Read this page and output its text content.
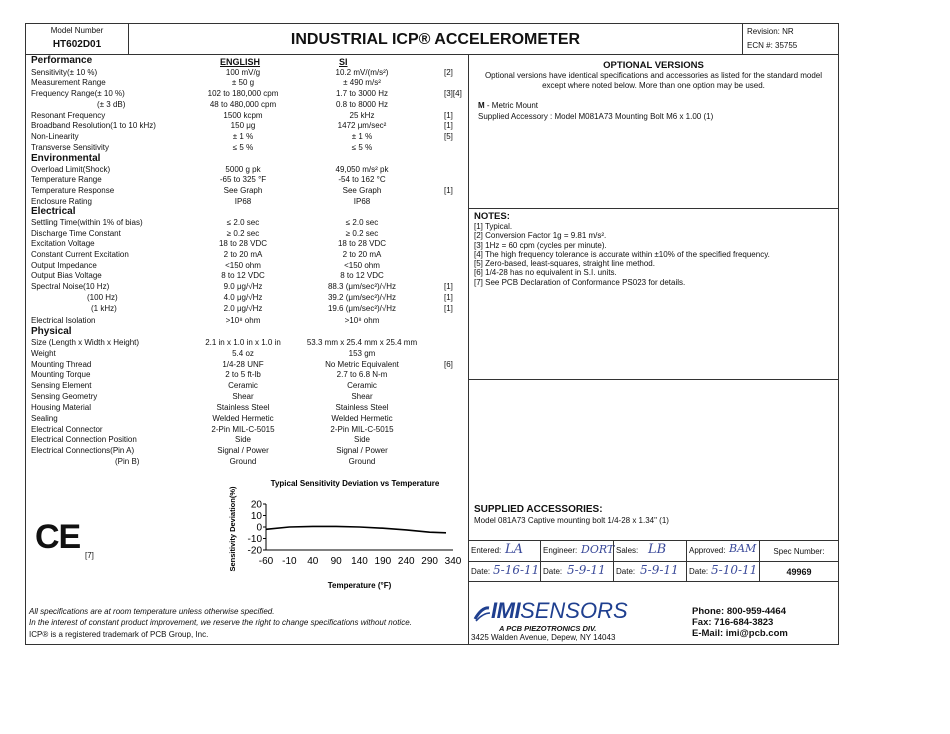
Model Number
HT602D01	INDUSTRIAL ICP® ACCELEROMETER	Revision: NR
ECN #: 35755
ENGLISH	SI
Performance
Environmental
Electrical
Physical
Sensitivity(± 10 %)	100 mV/g	10.2 mV/(m/s²)	[2]
Measurement Range	± 50 g	± 490 m/s²
Frequency Range(± 10 %)	102 to 180,000 cpm	1.7 to 3000 Hz	[3][4]
(± 3 dB)	48 to 480,000 cpm	0.8 to 8000 Hz
Resonant Frequency	1500 kcpm	25 kHz	[1]
Broadband Resolution(1 to 10 kHz)	150 μg	1472 μm/sec²	[1]
Non-Linearity	± 1 %	± 1 %	[5]
Transverse Sensitivity	≤ 5 %	≤ 5 %
Overload Limit(Shock)	5000 g pk	49,050 m/s² pk
Temperature Range	-65 to 325 °F	-54 to 162 °C
Temperature Response	See Graph	See Graph	[1]
Enclosure Rating	IP68	IP68
Settling Time(within 1% of bias)	≤ 2.0 sec	≤ 2.0 sec
Discharge Time Constant	≥ 0.2 sec	≥ 0.2 sec
Excitation Voltage	18 to 28 VDC	18 to 28 VDC
Constant Current Excitation	2 to 20 mA	2 to 20 mA
Output Impedance	<150 ohm	<150 ohm
Output Bias Voltage	8 to 12 VDC	8 to 12 VDC
Spectral Noise(10 Hz)	9.0 μg/√Hz	88.3 (μm/sec²)/√Hz	[1]
(100 Hz)	4.0 μg/√Hz	39.2 (μm/sec²)/√Hz	[1]
(1 kHz)	2.0 μg/√Hz	19.6 (μm/sec²)/√Hz	[1]
Electrical Isolation	>10⁸ ohm	>10⁸ ohm
Size (Length x Width x Height)	2.1 in x 1.0 in x 1.0 in	53.3 mm x 25.4 mm x 25.4 mm
Weight	5.4 oz	153 gm
Mounting Thread	1/4-28 UNF	No Metric Equivalent	[6]
Mounting Torque	2 to 5 ft-lb	2.7 to 6.8 N-m
Sensing Element	Ceramic	Ceramic
Sensing Geometry	Shear	Shear
Housing Material	Stainless Steel	Stainless Steel
Sealing	Welded Hermetic	Welded Hermetic
Electrical Connector	2-Pin MIL-C-5015	2-Pin MIL-C-5015
Electrical Connection Position	Side	Side
Electrical Connections(Pin A)	Signal / Power	Signal / Power
(Pin B)	Ground	Ground
Typical Sensitivity Deviation vs Temperature
20
10
0
-10
-20
-60 -10 40 90 140 190 240 290 340
Temperature (°F)
Sensitivity Deviation(%)
CE [7]
All specifications are at room temperature unless otherwise specified.
In the interest of constant product improvement, we reserve the right to change specifications without notice.
ICP® is a registered trademark of PCB Group, Inc.
OPTIONAL VERSIONS
Optional versions have identical specifications and accessories as listed for the standard model
except where noted below. More than one option may be used.
M - Metric Mount
Supplied Accessory : Model M081A73 Mounting Bolt M6 x 1.00 (1)
NOTES:
[1] Typical.
[2] Conversion Factor 1g = 9.81 m/s².
[3] 1Hz = 60 cpm (cycles per minute).
[4] The high frequency tolerance is accurate within ±10% of the specified frequency.
[5] Zero-based, least-squares, straight line method.
[6] 1/4-28 has no equivalent in S.I. units.
[7] See PCB Declaration of Conformance PS023 for details.
SUPPLIED ACCESSORIES:
Model 081A73 Captive mounting bolt 1/4-28 x 1.34" (1)
Entered: LA Engineer: DORT Sales: LB	Approved: BAM	Spec Number:
Date: 5-16-11 Date: 5-9-11 Date: 5-9-11 Date: 5-10-11	49969
IMISENSORS
A PCB PIEZOTRONICS DIV.
3425 Walden Avenue, Depew, NY 14043
Phone: 800-959-4464
Fax: 716-684-3823
E-Mail: imi@pcb.com
